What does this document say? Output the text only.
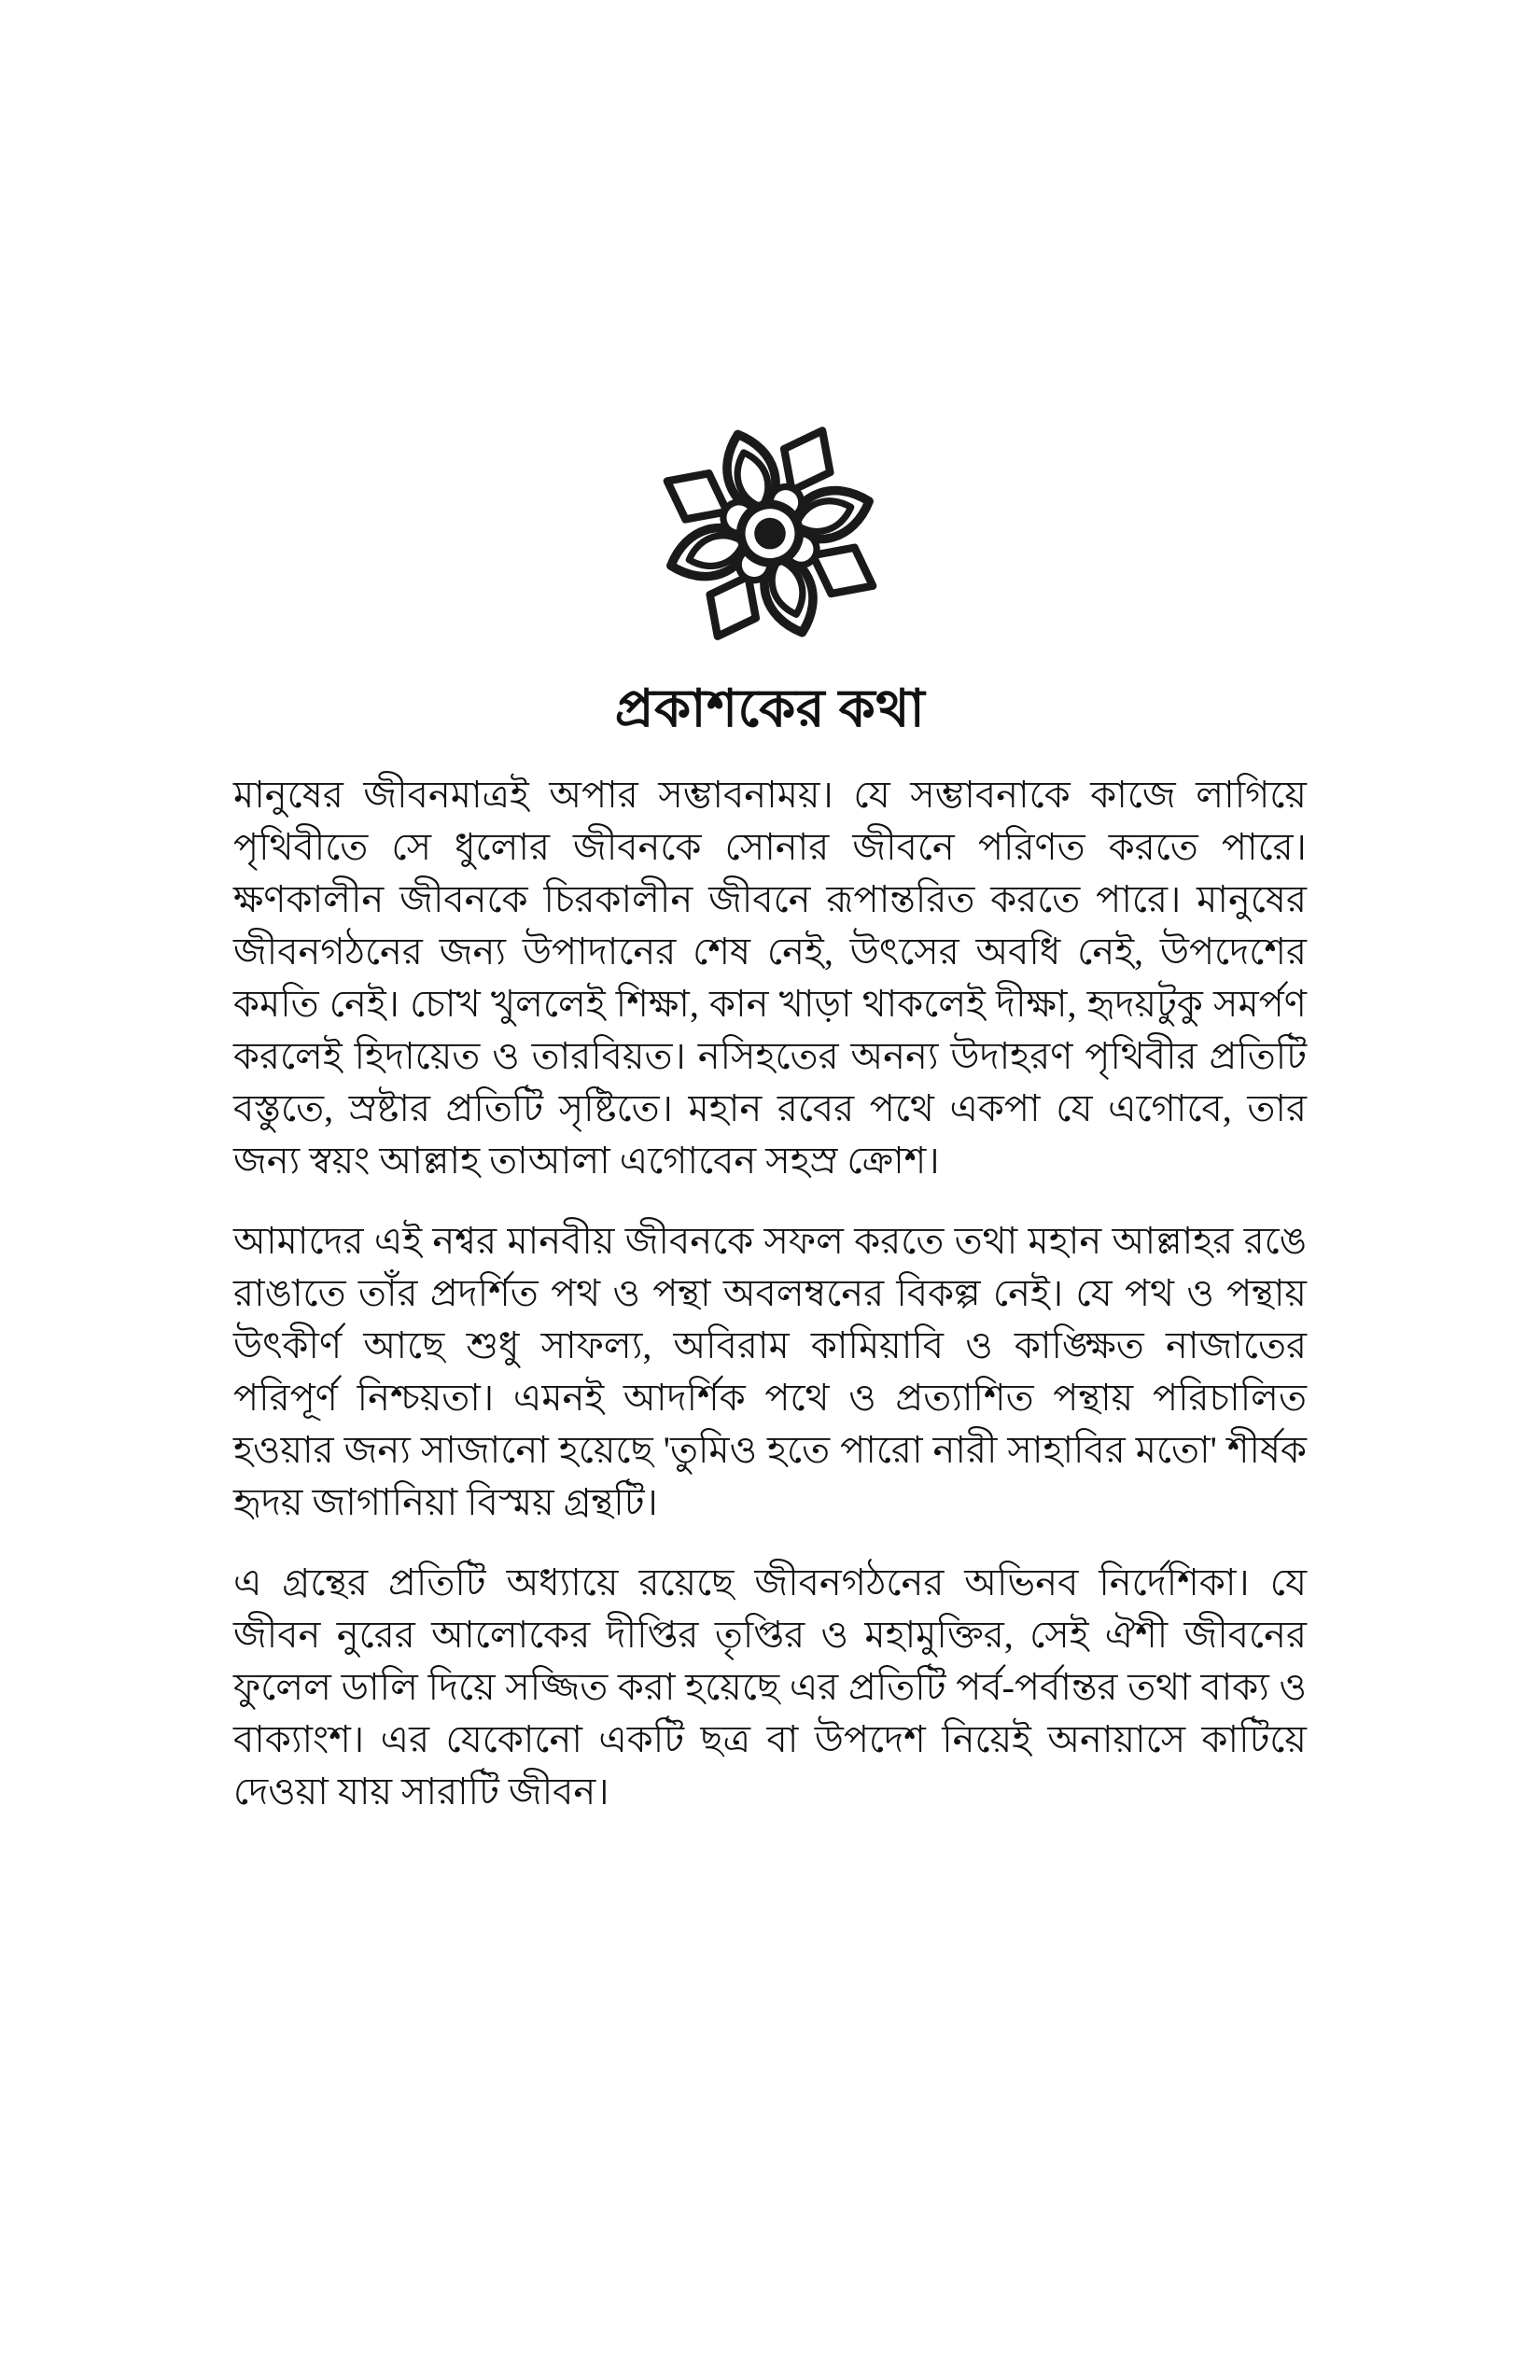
প্রকাশকের কথা

মানুষের জীবনমাত্রই অপার সম্ভাবনাময়। যে সম্ভাবনাকে কাজে লাগিয়ে পৃথিবীতে সে ধুলোর জীবনকে সোনার জীবনে পরিণত করতে পারে। ক্ষণকালীন জীবনকে চিরকালীন জীবনে রূপান্তরিত করতে পারে। মানুষের জীবনগঠনের জন্য উপাদানের শেষ নেই, উৎসের অবধি নেই, উপদেশের কমতি নেই। চোখ খুললেই শিক্ষা, কান খাড়া থাকলেই দীক্ষা, হৃদয়টুকু সমর্পণ করলেই হিদায়েত ও তারবিয়ত। নসিহতের অনন্য উদাহরণ পৃথিবীর প্রতিটি বস্তুতে, স্রষ্টার প্রতিটি সৃষ্টিতে। মহান রবের পথে একপা যে এগোবে, তার জন্য স্বয়ং আল্লাহ তাআলা এগোবেন সহস্র ক্রোশ।

আমাদের এই নশ্বর মানবীয় জীবনকে সফল করতে তথা মহান আল্লাহর রঙে রাঙাতে তাঁর প্রদর্শিত পথ ও পন্থা অবলম্বনের বিকল্প নেই। যে পথ ও পন্থায় উৎকীর্ণ আছে শুধু সাফল্য, অবিরাম কামিয়াবি ও কাঙ্ক্ষিত নাজাতের পরিপূর্ণ নিশ্চয়তা। এমনই আদর্শিক পথে ও প্রত্যাশিত পন্থায় পরিচালিত হওয়ার জন্য সাজানো হয়েছে 'তুমিও হতে পারো নারী সাহাবির মতো' শীর্ষক হৃদয় জাগানিয়া বিস্ময় গ্রন্থটি।

এ গ্রন্থের প্রতিটি অধ্যায়ে রয়েছে জীবনগঠনের অভিনব নির্দেশিকা। যে জীবন নুরের আলোকের দীপ্তির তৃপ্তির ও মহামুক্তির, সেই ঐশী জীবনের ফুলেল ডালি দিয়ে সজ্জিত করা হয়েছে এর প্রতিটি পর্ব-পর্বান্তর তথা বাক্য ও বাক্যাংশ। এর যেকোনো একটি ছত্র বা উপদেশ নিয়েই অনায়াসে কাটিয়ে দেওয়া যায় সারাটি জীবন।
